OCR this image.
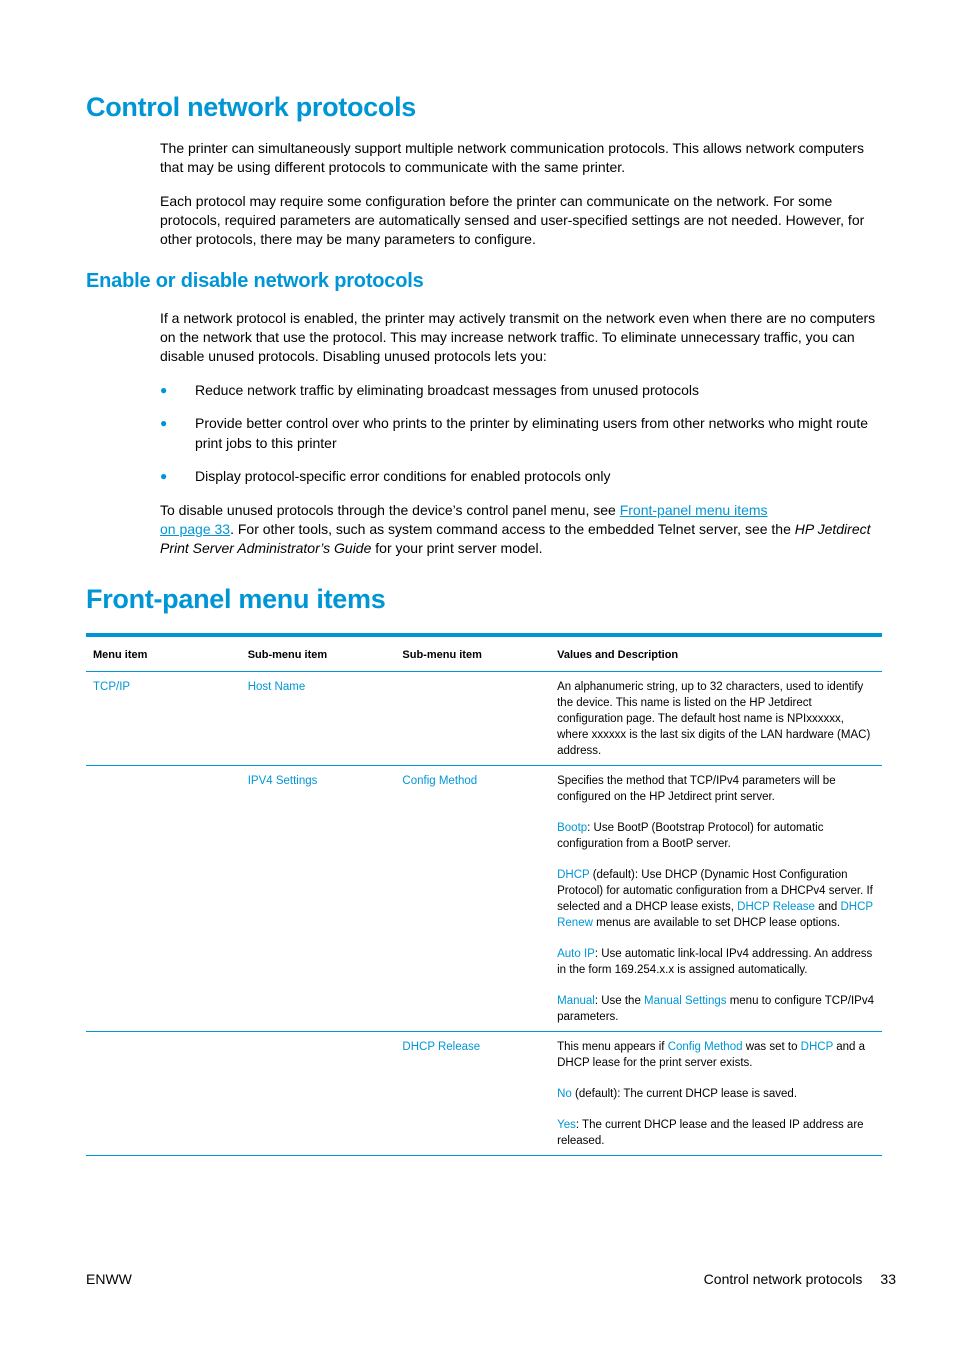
Control network protocols

The printer can simultaneously support multiple network communication protocols. This allows network computers that may be using different protocols to communicate with the same printer.

Each protocol may require some configuration before the printer can communicate on the network. For some protocols, required parameters are automatically sensed and user-specified settings are not needed. However, for other protocols, there may be many parameters to configure.

Enable or disable network protocols

If a network protocol is enabled, the printer may actively transmit on the network even when there are no computers on the network that use the protocol. This may increase network traffic. To eliminate unnecessary traffic, you can disable unused protocols. Disabling unused protocols lets you:

● Reduce network traffic by eliminating broadcast messages from unused protocols
● Provide better control over who prints to the printer by eliminating users from other networks who might route print jobs to this printer
● Display protocol-specific error conditions for enabled protocols only

To disable unused protocols through the device’s control panel menu, see Front-panel menu items
on page 33. For other tools, such as system command access to the embedded Telnet server, see the HP Jetdirect Print Server Administrator’s Guide for your print server model.

Front-panel menu items
Menu item	Sub-menu item	Sub-menu item	Values and Description
TCP/IP	Host Name		An alphanumeric string, up to 32 characters, used to identify the device. This name is listed on the HP Jetdirect configuration page. The default host name is NPIxxxxxx, where xxxxxx is the last six digits of the LAN hardware (MAC) address.

	IPV4 Settings	Config Method	Specifies the method that TCP/IPv4 parameters will be configured on the HP Jetdirect print server.

Bootp: Use BootP (Bootstrap Protocol) for automatic configuration from a BootP server.

DHCP (default): Use DHCP (Dynamic Host Configuration Protocol) for automatic configuration from a DHCPv4 server. If selected and a DHCP lease exists, DHCP Release and DHCP Renew menus are available to set DHCP lease options.

Auto IP: Use automatic link-local IPv4 addressing. An address in the form 169.254.x.x is assigned automatically.

Manual: Use the Manual Settings menu to configure TCP/IPv4 parameters.

		DHCP Release	This menu appears if Config Method was set to DHCP and a DHCP lease for the print server exists.

No (default): The current DHCP lease is saved.

Yes: The current DHCP lease and the leased IP address are released.

ENWW	Control network protocols 33
